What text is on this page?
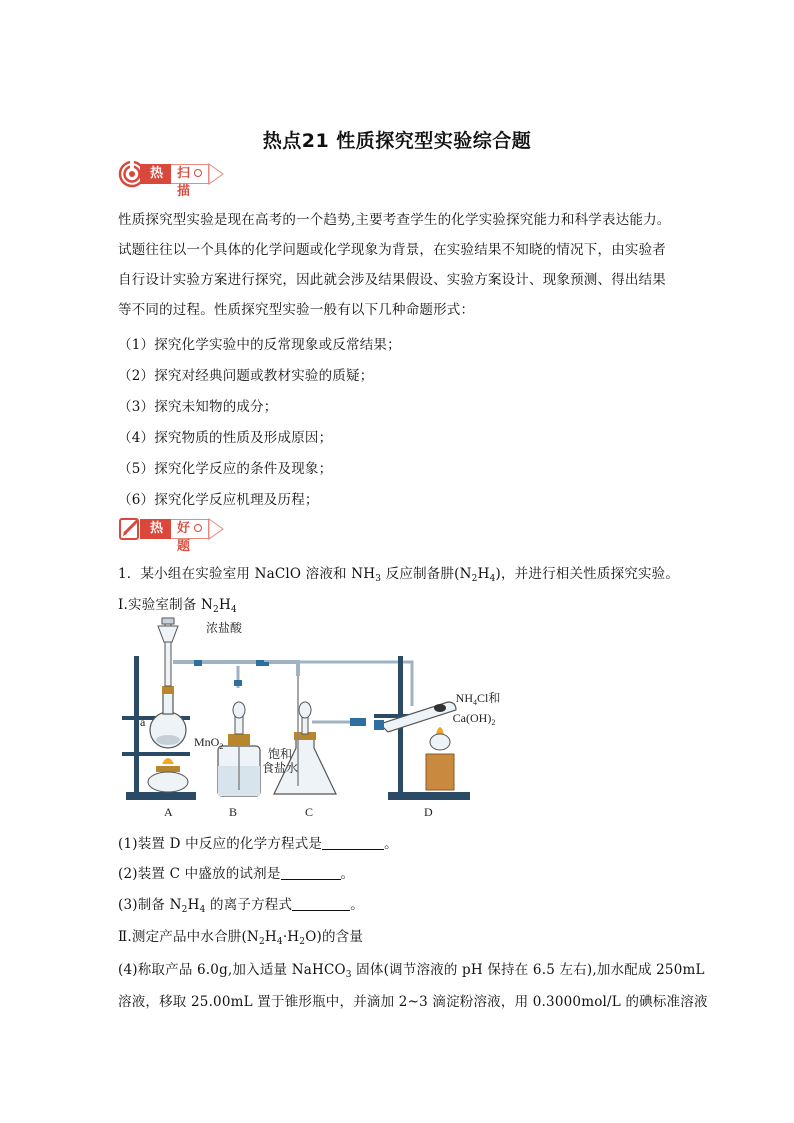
热点21 性质探究型实验综合题
热点
扫描
性质探究型实验是现在高考的一个趋势,主要考查学生的化学实验探究能力和科学表达能力。
试题往往以一个具体的化学问题或化学现象为背景，在实验结果不知晓的情况下，由实验者
自行设计实验方案进行探究，因此就会涉及结果假设、实验方案设计、现象预测、得出结果
等不同的过程。性质探究型实验一般有以下几种命题形式：
（1）探究化学实验中的反常现象或反常结果；
（2）探究对经典问题或教材实验的质疑；
（3）探究未知物的成分；
（4）探究物质的性质及形成原因；
（5）探究化学反应的条件及现象；
（6）探究化学反应机理及历程；
热搜
好题
1．某小组在实验室用 NaClO 溶液和 $NH_3$ 反应制备肼$(N_2H_4)$，并进行相关性质探究实验。
Ⅰ.实验室制备 $N_2H_4$
浓盐酸
a
MnO$_2$
饱和
食盐水
$NH_4Cl$和
$Ca(OH)_2$
A	B	C	D
(1)装置 D 中反应的化学方程式是	。
(2)装置 C 中盛放的试剂是	。
(3)制备 $N_2H_4$ 的离子方程式	。
Ⅱ.测定产品中水合肼$(N_2H_4\cdot H_2O)$的含量
(4)称取产品 6.0g,加入适量 NaHCO$_3$ 固体(调节溶液的 pH 保持在 6.5 左右),加水配成 250mL
溶液，移取 25.00mL 置于锥形瓶中，并滴加 2~3 滴淀粉溶液，用 0.3000mol/L 的碘标准溶液
